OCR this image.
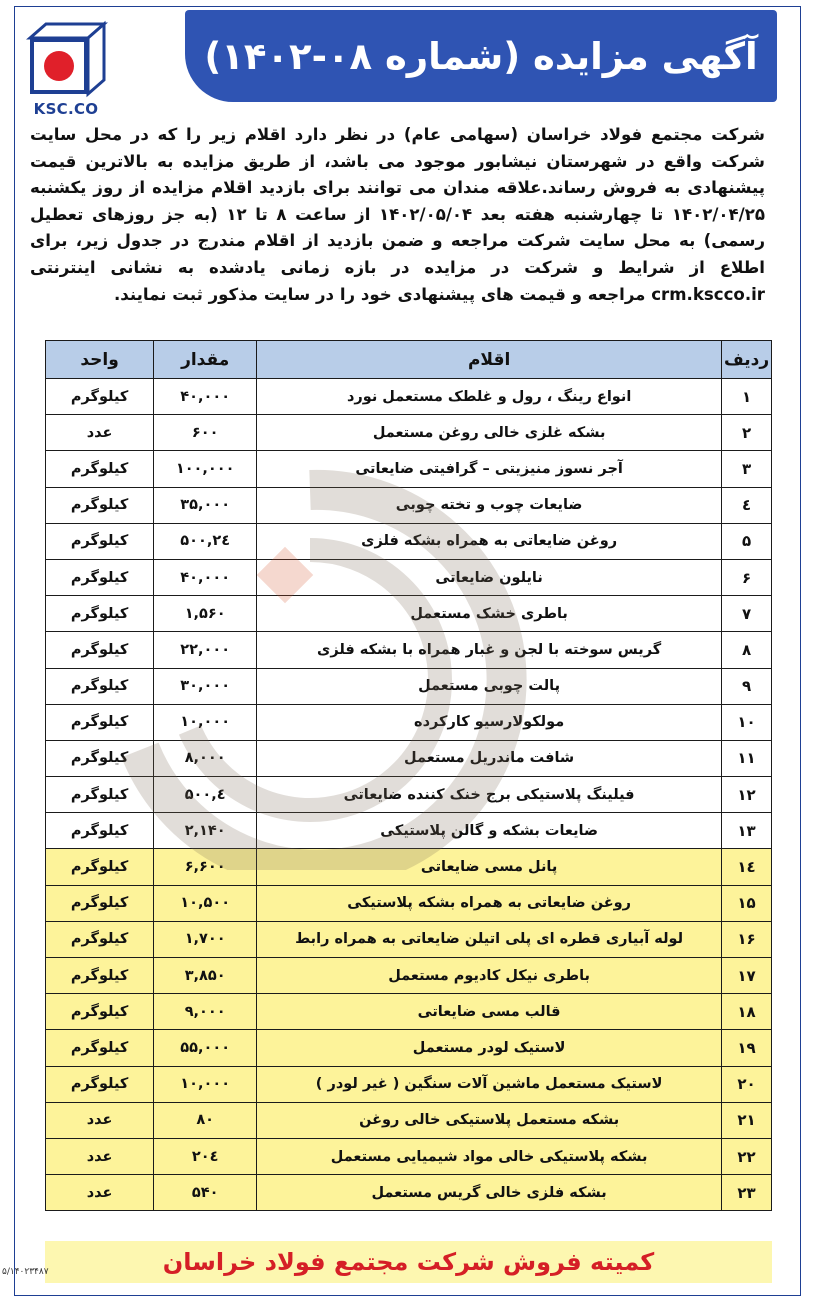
KSC.CO
آگهی مزایده (شماره ۰۸-۱۴۰۲)
شرکت مجتمع فولاد خراسان (سهامی عام) در نظر دارد اقلام زیر را که در محل سایت شرکت واقع در شهرستان نیشابور موجود می باشد، از طریق مزایده به بالاترین قیمت پیشنهادی به فروش رساند.علاقه مندان می توانند برای بازدید اقلام مزایده از روز یکشنبه ۱۴۰۲/۰۴/۲۵ تا چهارشنبه هفته بعد ۱۴۰۲/۰۵/۰۴ از ساعت ۸ تا ۱۲ (به جز روزهای تعطیل رسمی) به محل سایت شرکت مراجعه و ضمن بازدید از اقلام مندرج در جدول زیر، برای اطلاع از شرایط و شرکت در مزایده در بازه زمانی یادشده به نشانی اینترنتی crm.kscco.ir مراجعه و قیمت های پیشنهادی خود را در سایت مذکور ثبت نمایند.
ردیف	اقلام	مقدار	واحد
۱	انواع رینگ ، رول و غلطک مستعمل نورد	۴۰,۰۰۰	کیلوگرم
۲	بشکه غلزی خالی روغن مستعمل	۶۰۰	عدد
۳	آجر نسوز منیزیتی – گرافیتی ضایعاتی	۱۰۰,۰۰۰	کیلوگرم
٤	ضایعات چوب و تخته چوبی	۳۵,۰۰۰	کیلوگرم
۵	روغن ضایعاتی به همراه بشکه فلزی	۲٤,۵۰۰	کیلوگرم
۶	نایلون ضایعاتی	۴۰,۰۰۰	کیلوگرم
۷	باطری خشک مستعمل	۱,۵۶۰	کیلوگرم
۸	گریس سوخته با لجن و غبار همراه با بشکه فلزی	۲۲,۰۰۰	کیلوگرم
۹	پالت چوبی مستعمل	۳۰,۰۰۰	کیلوگرم
۱۰	مولکولارسیو کارکرده	۱۰,۰۰۰	کیلوگرم
۱۱	شافت ماندریل مستعمل	۸,۰۰۰	کیلوگرم
۱۲	فیلینگ پلاستیکی برج خنک کننده ضایعاتی	٤,۵۰۰	کیلوگرم
۱۳	ضایعات بشکه و گالن پلاستیکی	۲,۱۴۰	کیلوگرم
۱٤	پانل مسی ضایعاتی	۶,۶۰۰	کیلوگرم
۱۵	روغن ضایعاتی به همراه بشکه پلاستیکی	۱۰,۵۰۰	کیلوگرم
۱۶	لوله آبیاری قطره ای پلی اتیلن ضایعاتی به همراه رابط	۱,۷۰۰	کیلوگرم
۱۷	باطری نیکل کادیوم مستعمل	۳,۸۵۰	کیلوگرم
۱۸	قالب مسی ضایعاتی	۹,۰۰۰	کیلوگرم
۱۹	لاستیک لودر مستعمل	۵۵,۰۰۰	کیلوگرم
۲۰	لاستیک مستعمل ماشین آلات سنگین ( غیر لودر )	۱۰,۰۰۰	کیلوگرم
۲۱	بشکه مستعمل پلاستیکی خالی روغن	۸۰	عدد
۲۲	بشکه پلاستیکی خالی مواد شیمیایی مستعمل	۲۰٤	عدد
۲۳	بشکه فلزی خالی گریس مستعمل	۵۴۰	عدد
کمیته فروش شرکت مجتمع فولاد خراسان
۵/۱۴۰۲۳۴۸۷
